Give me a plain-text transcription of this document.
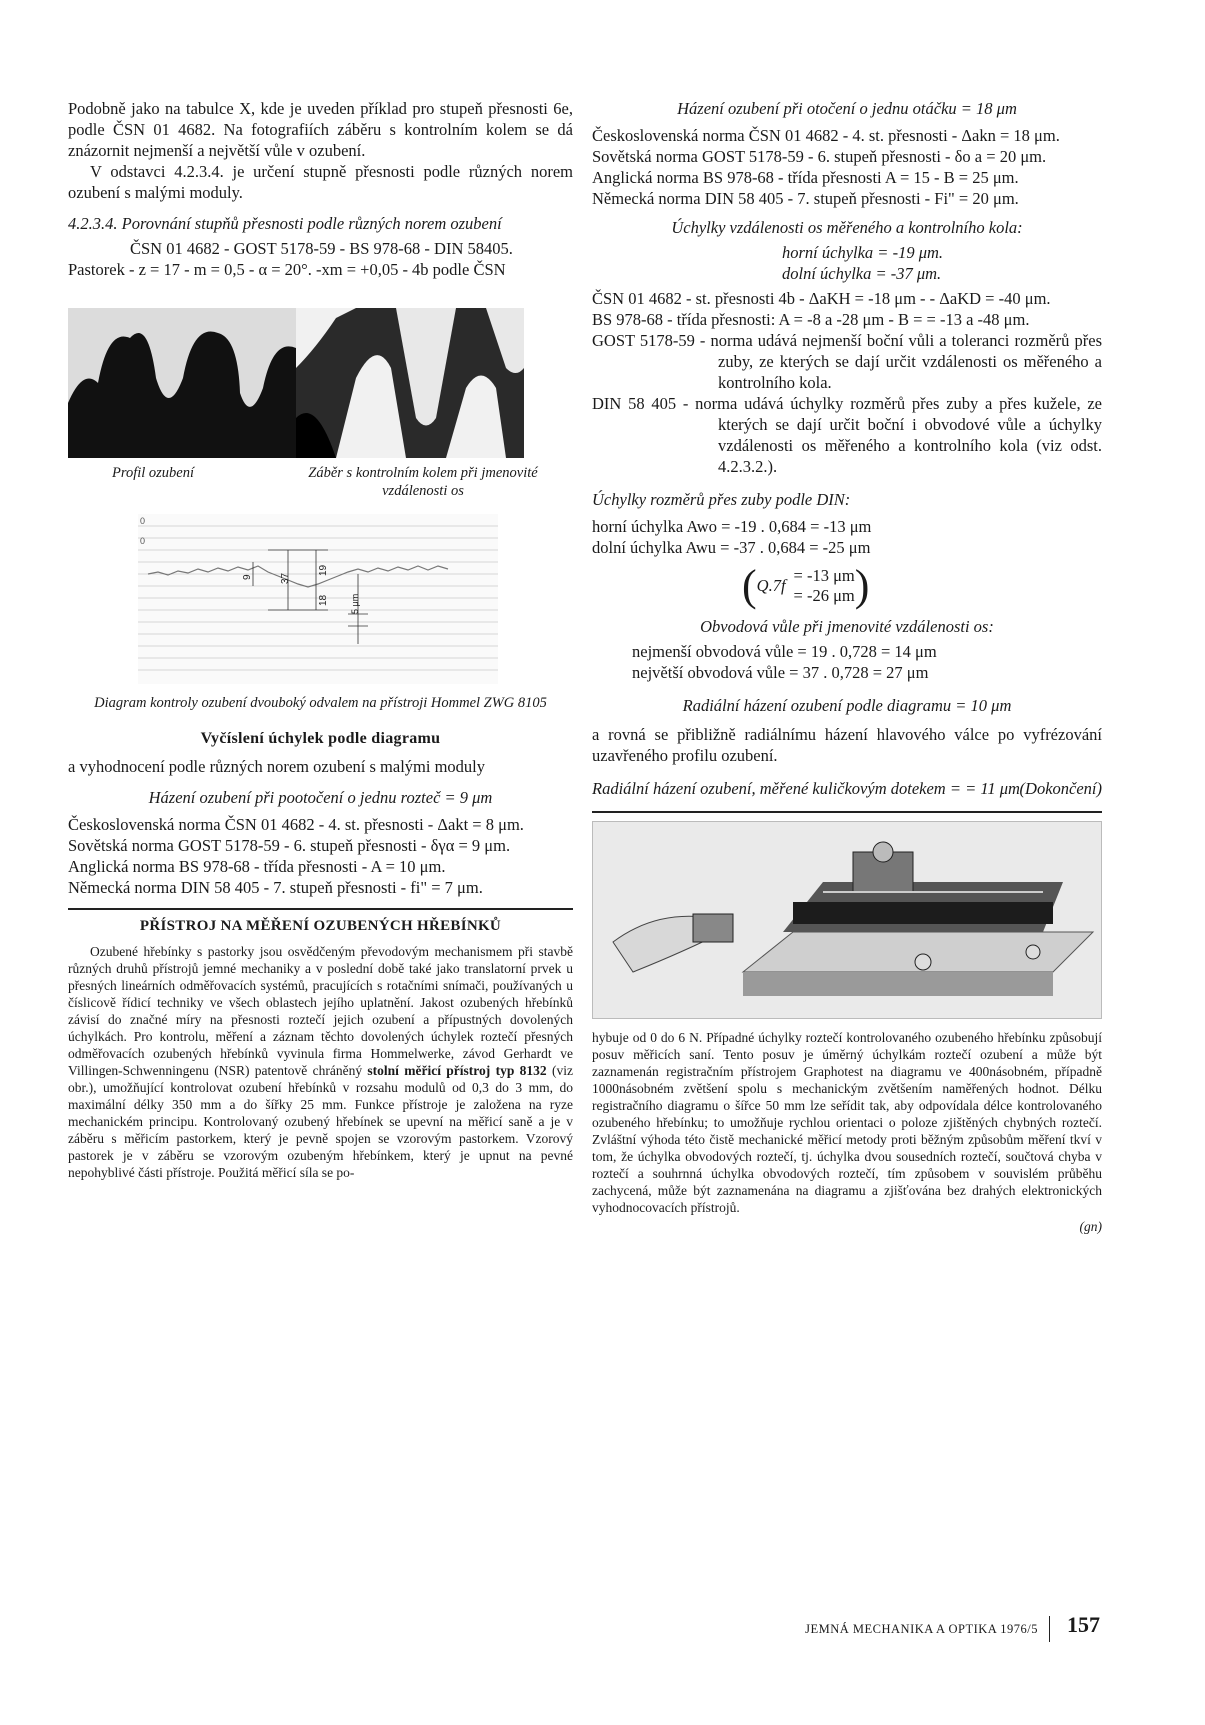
Podobně jako na tabulce X, kde je uveden příklad pro stupeň přesnosti 6e, podle ČSN 01 4682. Na fotografiích záběru s kontrolním kolem se dá znázornit nejmenší a největší vůle v ozubení.

V odstavci 4.2.3.4. je určení stupně přesnosti podle různých norem ozubení s malými moduly.

4.2.3.4. Porovnání stupňů přesnosti podle různých norem ozubení

ČSN 01 4682 - GOST 5178-59 - BS 978-68 - DIN 58405.

Pastorek - z = 17 - m = 0,5 - α = 20°. -xm = +0,05 - 4b podle ČSN

Profil ozubení	Záběr s kontrolním kolem při jmenovité vzdálenosti os

0
0
9	37
19
18 5 μm

Diagram kontroly ozubení dvouboký odvalem na přístroji Hommel ZWG 8105

Vyčíslení úchylek podle diagramu

a vyhodnocení podle různých norem ozubení s malými moduly

Házení ozubení při pootočení o jednu rozteč = 9 μm

Československá norma ČSN 01 4682 - 4. st. přesnosti - Δakt = 8 μm.

Sovětská norma GOST 5178-59 - 6. stupeň přesnosti - δγα = 9 μm.

Anglická norma BS 978-68 - třída přesnosti - A = 10 μm.

Německá norma DIN 58 405 - 7. stupeň přesnosti - fi" = 7 μm.

PŘÍSTROJ NA MĚŘENÍ OZUBENÝCH HŘEBÍNKŮ

Ozubené hřebínky s pastorky jsou osvědčeným převodovým mechanismem při stavbě různých druhů přístrojů jemné mechaniky a v poslední době také jako translatorní prvek u přesných lineárních odměřovacích systémů, pracujících s rotačními snímači, používaných u číslicově řídicí techniky ve všech oblastech jejího uplatnění. Jakost ozubených hřebínků závisí do značné míry na přesnosti roztečí jejich ozubení a přípustných dovolených úchylkách. Pro kontrolu, měření a záznam těchto dovolených úchylek roztečí přesných odměřovacích ozubených hřebínků vyvinula firma Hommelwerke, závod Gerhardt ve Villingen-Schwenningenu (NSR) patentově chráněný stolní měřicí přístroj typ 8132 (viz obr.), umožňující kontrolovat ozubení hřebínků v rozsahu modulů od 0,3 do 3 mm, do maximální délky 350 mm a do šířky 25 mm. Funkce přístroje je založena na ryze mechanickém principu. Kontrolovaný ozubený hřebínek se upevní na měřicí saně a je v záběru s měřicím pastorkem, který je pevně spojen se vzorovým pastorkem. Vzorový pastorek je v záběru se vzorovým ozubeným hřebínkem, který je upnut na pevné nepohyblivé části přístroje. Použitá měřicí síla se po-

Házení ozubení při otočení o jednu otáčku = 18 μm

Československá norma ČSN 01 4682 - 4. st. přesnosti - Δakn = 18 μm.

Sovětská norma GOST 5178-59 - 6. stupeň přesnosti - δo a = 20 μm.

Anglická norma BS 978-68 - třída přesnosti A = 15 - B = 25 μm.

Německá norma DIN 58 405 - 7. stupeň přesnosti - Fi" = 20 μm.

Úchylky vzdálenosti os měřeného a kontrolního kola:

horní úchylka = -19 μm.

dolní úchylka = -37 μm.

ČSN 01 4682 - st. přesnosti 4b - ΔaKH = -18 μm - - ΔaKD = -40 μm.

BS 978-68 - třída přesnosti: A = -8 a -28 μm - B = = -13 a -48 μm.

GOST 5178-59 - norma udává nejmenší boční vůli a toleranci rozměrů přes zuby, ze kterých se dají určit vzdálenosti os měřeného a kontrolního kola.

DIN 58 405 - norma udává úchylky rozměrů přes zuby a přes kuželе, ze kterých se dají určit boční i obvodové vůle a úchylky vzdálenosti os měřeného a kontrolního kola (viz odst. 4.2.3.2.).

Úchylky rozměrů přes zuby podle DIN:

horní úchylka Awo = -19 . 0,684 = -13 μm

dolní úchylka Awu = -37 . 0,684 = -25 μm

( Q.7f
= -13 μm
= -26 μm )

Obvodová vůle při jmenovité vzdálenosti os:

nejmenší obvodová vůle = 19 . 0,728 = 14 μm

největší obvodová vůle = 37 . 0,728 = 27 μm

Radiální házení ozubení podle diagramu = 10 μm

a rovná se přibližně radiálnímu házení hlavového válce po vyfrézování uzavřeného profilu ozubení.

Radiální házení ozubení, měřené kuličkovým dotekem = = 11 μm (Dokončení)

hybuje od 0 do 6 N. Případné úchylky roztečí kontrolovaného ozubeného hřebínku způsobují posuv měřicích saní. Tento posuv je úměrný úchylkám roztečí ozubení a může být zaznamenán registračním přístrojem Graphotest na diagramu ve 400násobném, případně 1000násobném zvětšení spolu s mechanickým zvětšením naměřených hodnot. Délku registračního diagramu o šířce 50 mm lze seřídit tak, aby odpovídala délce kontrolovaného ozubeného hřebínku; to umožňuje rychlou orientaci o poloze zjištěných chybných roztečí. Zvláštní výhoda této čistě mechanické měřicí metody proti běžným způsobům měření tkví v tom, že úchylka obvodových roztečí, tj. úchylka dvou sousedních roztečí, součtová chyba v roztečí a souhrnná úchylka obvodových roztečí, tím způsobem v souvislém průběhu zachycená, může být zaznamenána na diagramu a zjišťována bez drahých elektronických vyhodnocovacích přístrojů.

(gn)

JEMNÁ MECHANIKA A OPTIKA 1976/5 157
